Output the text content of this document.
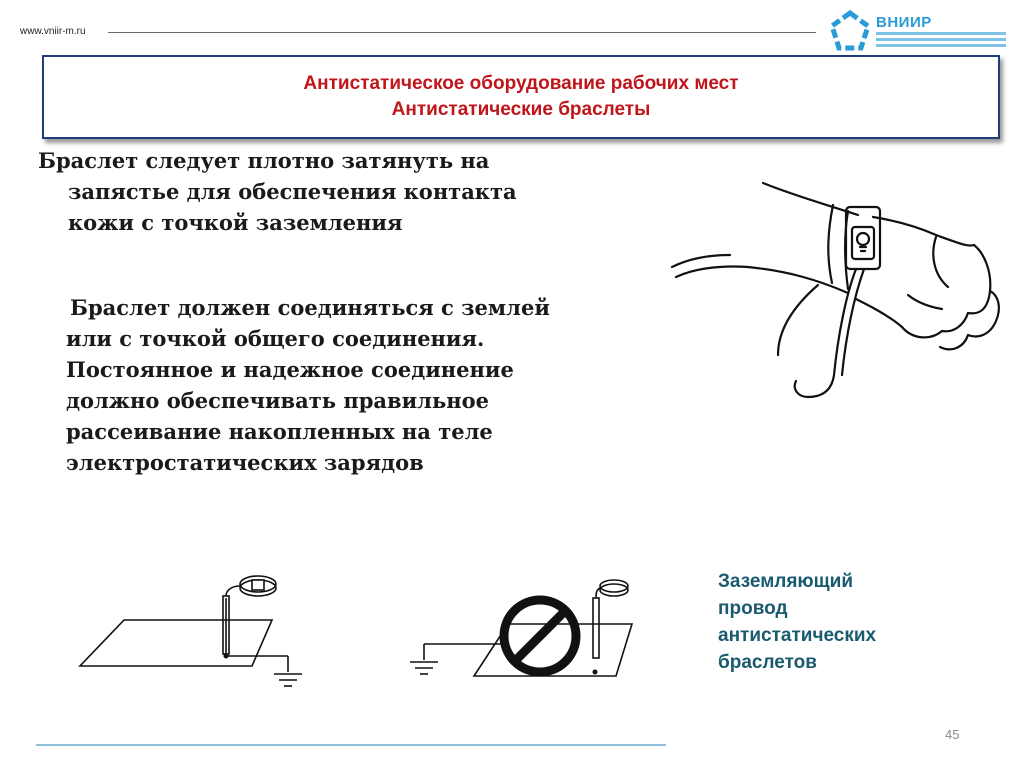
www.vniir-m.ru
ВНИИР
Антистатическое оборудование рабочих мест
Антистатические браслеты
Браслет следует плотно затянуть на
запястье для обеспечения контакта
кожи с точкой заземления
Браслет должен соединяться с землей
или с точкой общего соединения.
Постоянное и надежное соединение
должно обеспечивать правильное
рассеивание накопленных на теле
электростатических зарядов
Заземляющий
провод
антистатических
браслетов
45
